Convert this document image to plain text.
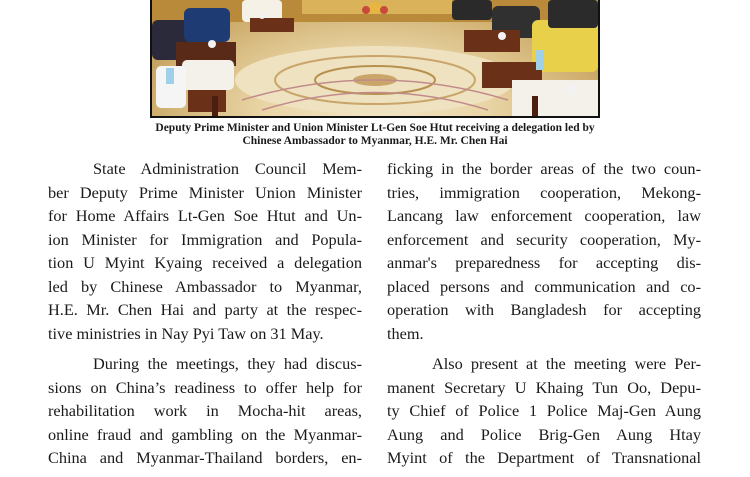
Deputy Prime Minister and Union Minister Lt-Gen Soe Htut receiving a delegation led by
Chinese Ambassador to Myanmar, H.E. Mr. Chen Hai

State Administration Council Mem-
ber Deputy Prime Minister Union Minister
for Home Affairs Lt-Gen Soe Htut and Un-
ion Minister for Immigration and Popula-
tion U Myint Kyaing received a delegation
led by Chinese Ambassador to Myanmar,
H.E. Mr. Chen Hai and party at the respec-
tive ministries in Nay Pyi Taw on 31 May.

During the meetings, they had discus-
sions on China’s readiness to offer help for
rehabilitation work in Mocha-hit areas,
online fraud and gambling on the Myanmar-
China and Myanmar-Thailand borders, en-

ficking in the border areas of the two coun-
tries, immigration cooperation, Mekong-
Lancang law enforcement cooperation, law
enforcement and security cooperation, My-
anmar's preparedness for accepting dis-
placed persons and communication and co-
operation with Bangladesh for accepting
them.

Also present at the meeting were Per-
manent Secretary U Khaing Tun Oo, Depu-
ty Chief of Police 1 Police Maj-Gen Aung
Aung and Police Brig-Gen Aung Htay
Myint of the Department of Transnational
